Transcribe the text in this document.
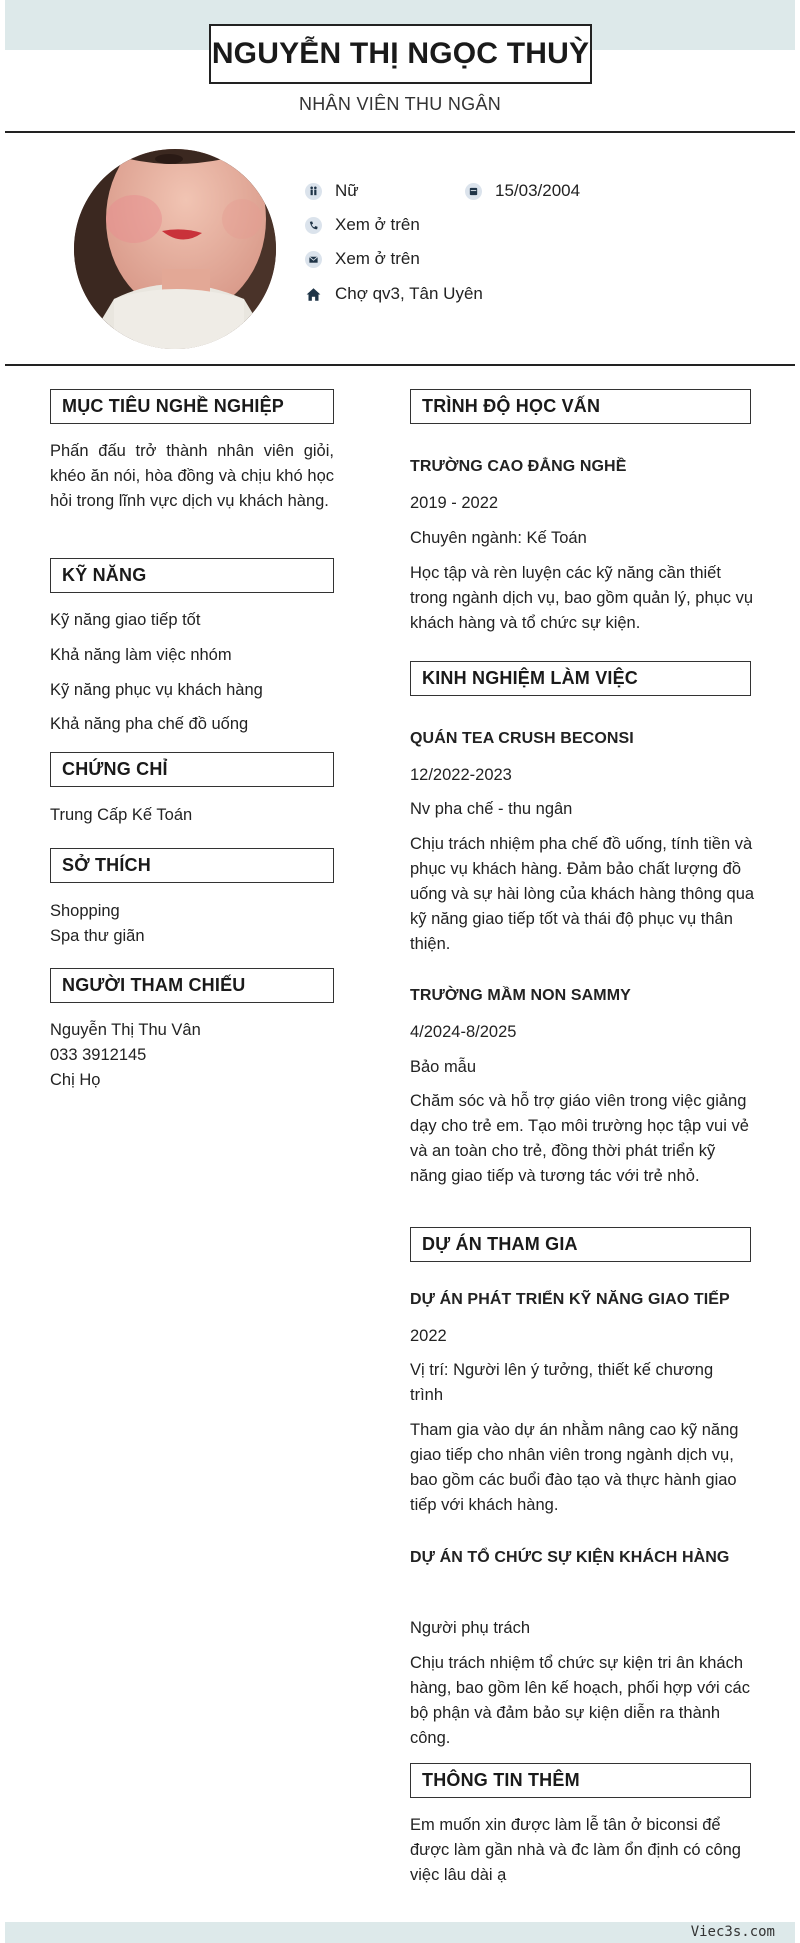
NGUYỄN THỊ NGỌC THUỲ
NHÂN VIÊN THU NGÂN
Nữ	15/03/2004
Xem ở trên
Xem ở trên
Chợ qv3, Tân Uyên
MỤC TIÊU NGHỀ NGHIỆP
Phấn đấu trở thành nhân viên giỏi, khéo ăn nói, hòa đồng và chịu khó học hỏi trong lĩnh vực dịch vụ khách hàng.
KỸ NĂNG
Kỹ năng giao tiếp tốt
Khả năng làm việc nhóm
Kỹ năng phục vụ khách hàng
Khả năng pha chế đồ uống
CHỨNG CHỈ
Trung Cấp Kế Toán
SỞ THÍCH
Shopping
Spa thư giãn
NGƯỜI THAM CHIẾU
Nguyễn Thị Thu Vân
033 3912145
Chị Họ
TRÌNH ĐỘ HỌC VẤN
TRƯỜNG CAO ĐẲNG NGHỀ
2019 - 2022
Chuyên ngành: Kế Toán
Học tập và rèn luyện các kỹ năng cần thiết trong ngành dịch vụ, bao gồm quản lý, phục vụ khách hàng và tổ chức sự kiện.
KINH NGHIỆM LÀM VIỆC
QUÁN TEA CRUSH BECONSI
12/2022-2023
Nv pha chế - thu ngân
Chịu trách nhiệm pha chế đồ uống, tính tiền và phục vụ khách hàng. Đảm bảo chất lượng đồ uống và sự hài lòng của khách hàng thông qua kỹ năng giao tiếp tốt và thái độ phục vụ thân thiện.
TRƯỜNG MẦM NON SAMMY
4/2024-8/2025
Bảo mẫu
Chăm sóc và hỗ trợ giáo viên trong việc giảng dạy cho trẻ em. Tạo môi trường học tập vui vẻ và an toàn cho trẻ, đồng thời phát triển kỹ năng giao tiếp và tương tác với trẻ nhỏ.
DỰ ÁN THAM GIA
DỰ ÁN PHÁT TRIỂN KỸ NĂNG GIAO TIẾP
2022
Vị trí: Người lên ý tưởng, thiết kế chương trình
Tham gia vào dự án nhằm nâng cao kỹ năng giao tiếp cho nhân viên trong ngành dịch vụ, bao gồm các buổi đào tạo và thực hành giao tiếp với khách hàng.
DỰ ÁN TỔ CHỨC SỰ KIỆN KHÁCH HÀNG
Người phụ trách
Chịu trách nhiệm tổ chức sự kiện tri ân khách hàng, bao gồm lên kế hoạch, phối hợp với các bộ phận và đảm bảo sự kiện diễn ra thành công.
THÔNG TIN THÊM
Em muốn xin được làm lễ tân ở biconsi để được làm gần nhà và đc làm ổn định có công việc lâu dài ạ
Viec3s.com
